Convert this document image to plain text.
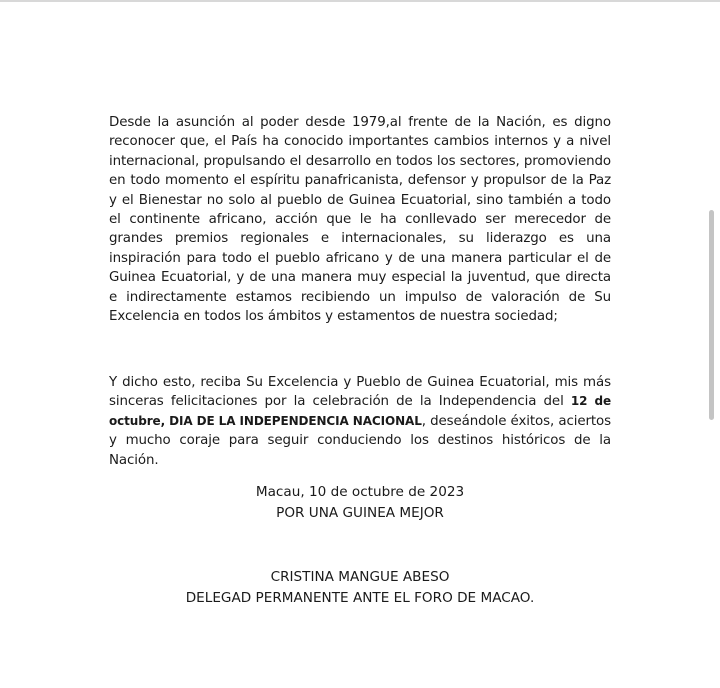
Desde la asunción al poder desde 1979,al frente de la Nación, es digno reconocer que, el País ha conocido importantes cambios internos y a nivel internacional, propulsando el desarrollo en todos los sectores, promoviendo en todo momento el espíritu panafricanista, defensor y propulsor de la Paz y el Bienestar no solo al pueblo de Guinea Ecuatorial, sino también a todo el continente africano, acción que le ha conllevado ser merecedor de grandes premios regionales e internacionales, su liderazgo es una inspiración para todo el pueblo africano y de una manera particular el de Guinea Ecuatorial, y de una manera muy especial la juventud, que directa e indirectamente estamos recibiendo un impulso de valoración de Su Excelencia en todos los ámbitos y estamentos de nuestra sociedad;

Y dicho esto, reciba Su Excelencia y Pueblo de Guinea Ecuatorial, mis más sinceras felicitaciones por la celebración de la Independencia del 12 de octubre, DIA DE LA INDEPENDENCIA NACIONAL, deseándole éxitos, aciertos y mucho coraje para seguir conduciendo los destinos históricos de la Nación.

Macau, 10 de octubre de 2023
POR UNA GUINEA MEJOR
CRISTINA MANGUE ABESO
DELEGAD PERMANENTE ANTE EL FORO DE MACAO.
